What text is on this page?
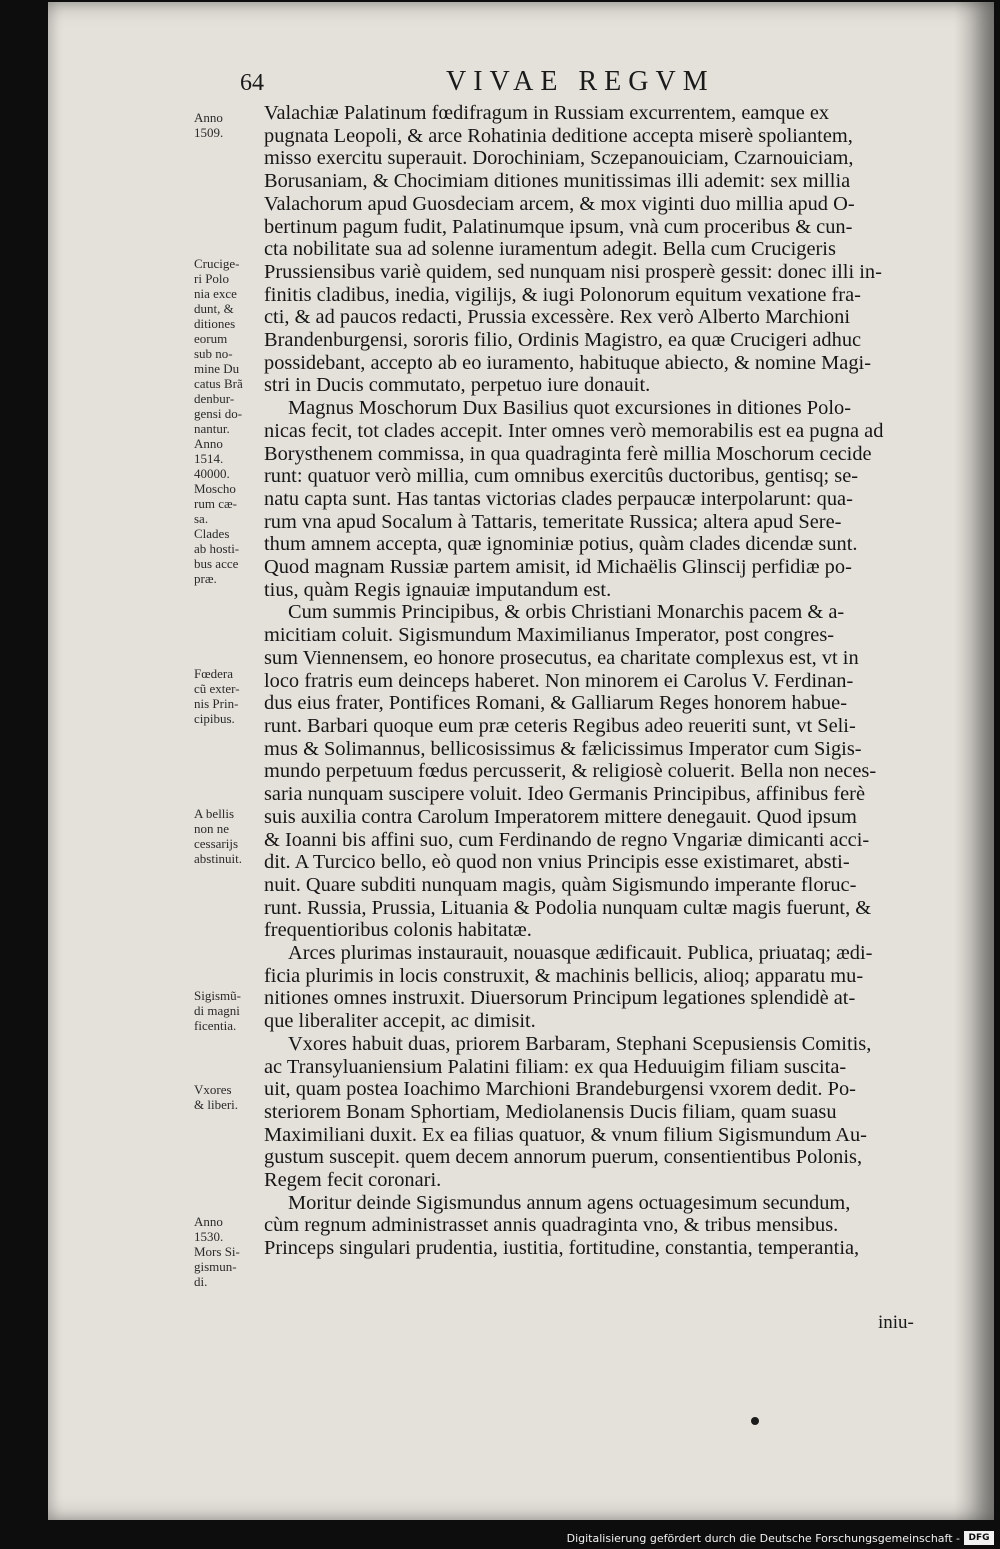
64	VIVAE REGVM
Anno
1509.
Crucige-
ri Polo
nia exce
dunt, &
ditiones
eorum
sub no-
mine Du
catus Brã
denbur-
gensi do-
nantur.
Anno
1514.
40000.
Moscho
rum cæ-
sa.
Clades
ab hosti-
bus acce
præ.
Fœdera
cũ exter-
nis Prin-
cipibus.
A bellis
non ne
cessarijs
abstinuit.
Sigismũ-
di magni
ficentia.
Vxores
& liberi.
Anno
1530.
Mors Si-
gismun-
di.
Valachiæ Palatinum fœdifragum in Russiam excurrentem, eamque ex
pugnata Leopoli, & arce Rohatinia deditione accepta miserè spoliantem,
misso exercitu superauit. Dorochiniam, Sczepanouiciam, Czarnouiciam,
Borusaniam, & Chocimiam ditiones munitissimas illi ademit: sex millia
Valachorum apud Guosdeciam arcem, & mox viginti duo millia apud O-
bertinum pagum fudit, Palatinumque ipsum, vnà cum proceribus & cun-
cta nobilitate sua ad solenne iuramentum adegit. Bella cum Crucigeris
Prussiensibus variè quidem, sed nunquam nisi prosperè gessit: donec illi in-
finitis cladibus, inedia, vigilijs, & iugi Polonorum equitum vexatione fra-
cti, & ad paucos redacti, Prussia excessère. Rex verò Alberto Marchioni
Brandenburgensi, sororis filio, Ordinis Magistro, ea quæ Crucigeri adhuc
possidebant, accepto ab eo iuramento, habituque abiecto, & nomine Magi-
stri in Ducis commutato, perpetuo iure donauit.
Magnus Moschorum Dux Basilius quot excursiones in ditiones Polo-
nicas fecit, tot clades accepit. Inter omnes verò memorabilis est ea pugna ad
Borysthenem commissa, in qua quadraginta ferè millia Moschorum cecide
runt: quatuor verò millia, cum omnibus exercitûs ductoribus, gentisq; se-
natu capta sunt. Has tantas victorias clades perpaucæ interpolarunt: qua-
rum vna apud Socalum à Tattaris, temeritate Russica; altera apud Sere-
thum amnem accepta, quæ ignominiæ potius, quàm clades dicendæ sunt.
Quod magnam Russiæ partem amisit, id Michaëlis Glinscij perfidiæ po-
tius, quàm Regis ignauiæ imputandum est.
Cum summis Principibus, & orbis Christiani Monarchis pacem & a-
micitiam coluit. Sigismundum Maximilianus Imperator, post congres-
sum Viennensem, eo honore prosecutus, ea charitate complexus est, vt in
loco fratris eum deinceps haberet. Non minorem ei Carolus V. Ferdinan-
dus eius frater, Pontifices Romani, & Galliarum Reges honorem habue-
runt. Barbari quoque eum præ ceteris Regibus adeo reueriti sunt, vt Seli-
mus & Solimannus, bellicosissimus & fælicissimus Imperator cum Sigis-
mundo perpetuum fœdus percusserit, & religiosè coluerit. Bella non neces-
saria nunquam suscipere voluit. Ideo Germanis Principibus, affinibus ferè
suis auxilia contra Carolum Imperatorem mittere denegauit. Quod ipsum
& Ioanni bis affini suo, cum Ferdinando de regno Vngariæ dimicanti acci-
dit. A Turcico bello, eò quod non vnius Principis esse existimaret, absti-
nuit. Quare subditi nunquam magis, quàm Sigismundo imperante floruc-
runt. Russia, Prussia, Lituania & Podolia nunquam cultæ magis fuerunt, &
frequentioribus colonis habitatæ.
Arces plurimas instaurauit, nouasque ædificauit. Publica, priuataq; ædi-
ficia plurimis in locis construxit, & machinis bellicis, alioq; apparatu mu-
nitiones omnes instruxit. Diuersorum Principum legationes splendidè at-
que liberaliter accepit, ac dimisit.
Vxores habuit duas, priorem Barbaram, Stephani Scepusiensis Comitis,
ac Transyluaniensium Palatini filiam: ex qua Heduuigim filiam suscita-
uit, quam postea Ioachimo Marchioni Brandeburgensi vxorem dedit. Po-
steriorem Bonam Sphortiam, Mediolanensis Ducis filiam, quam suasu
Maximiliani duxit. Ex ea filias quatuor, & vnum filium Sigismundum Au-
gustum suscepit. quem decem annorum puerum, consentientibus Polonis,
Regem fecit coronari.
Moritur deinde Sigismundus annum agens octuagesimum secundum,
cùm regnum administrasset annis quadraginta vno, & tribus mensibus.
Princeps singulari prudentia, iustitia, fortitudine, constantia, temperantia,
iniu-
Digitalisierung gefördert durch die Deutsche Forschungsgemeinschaft - DFG
